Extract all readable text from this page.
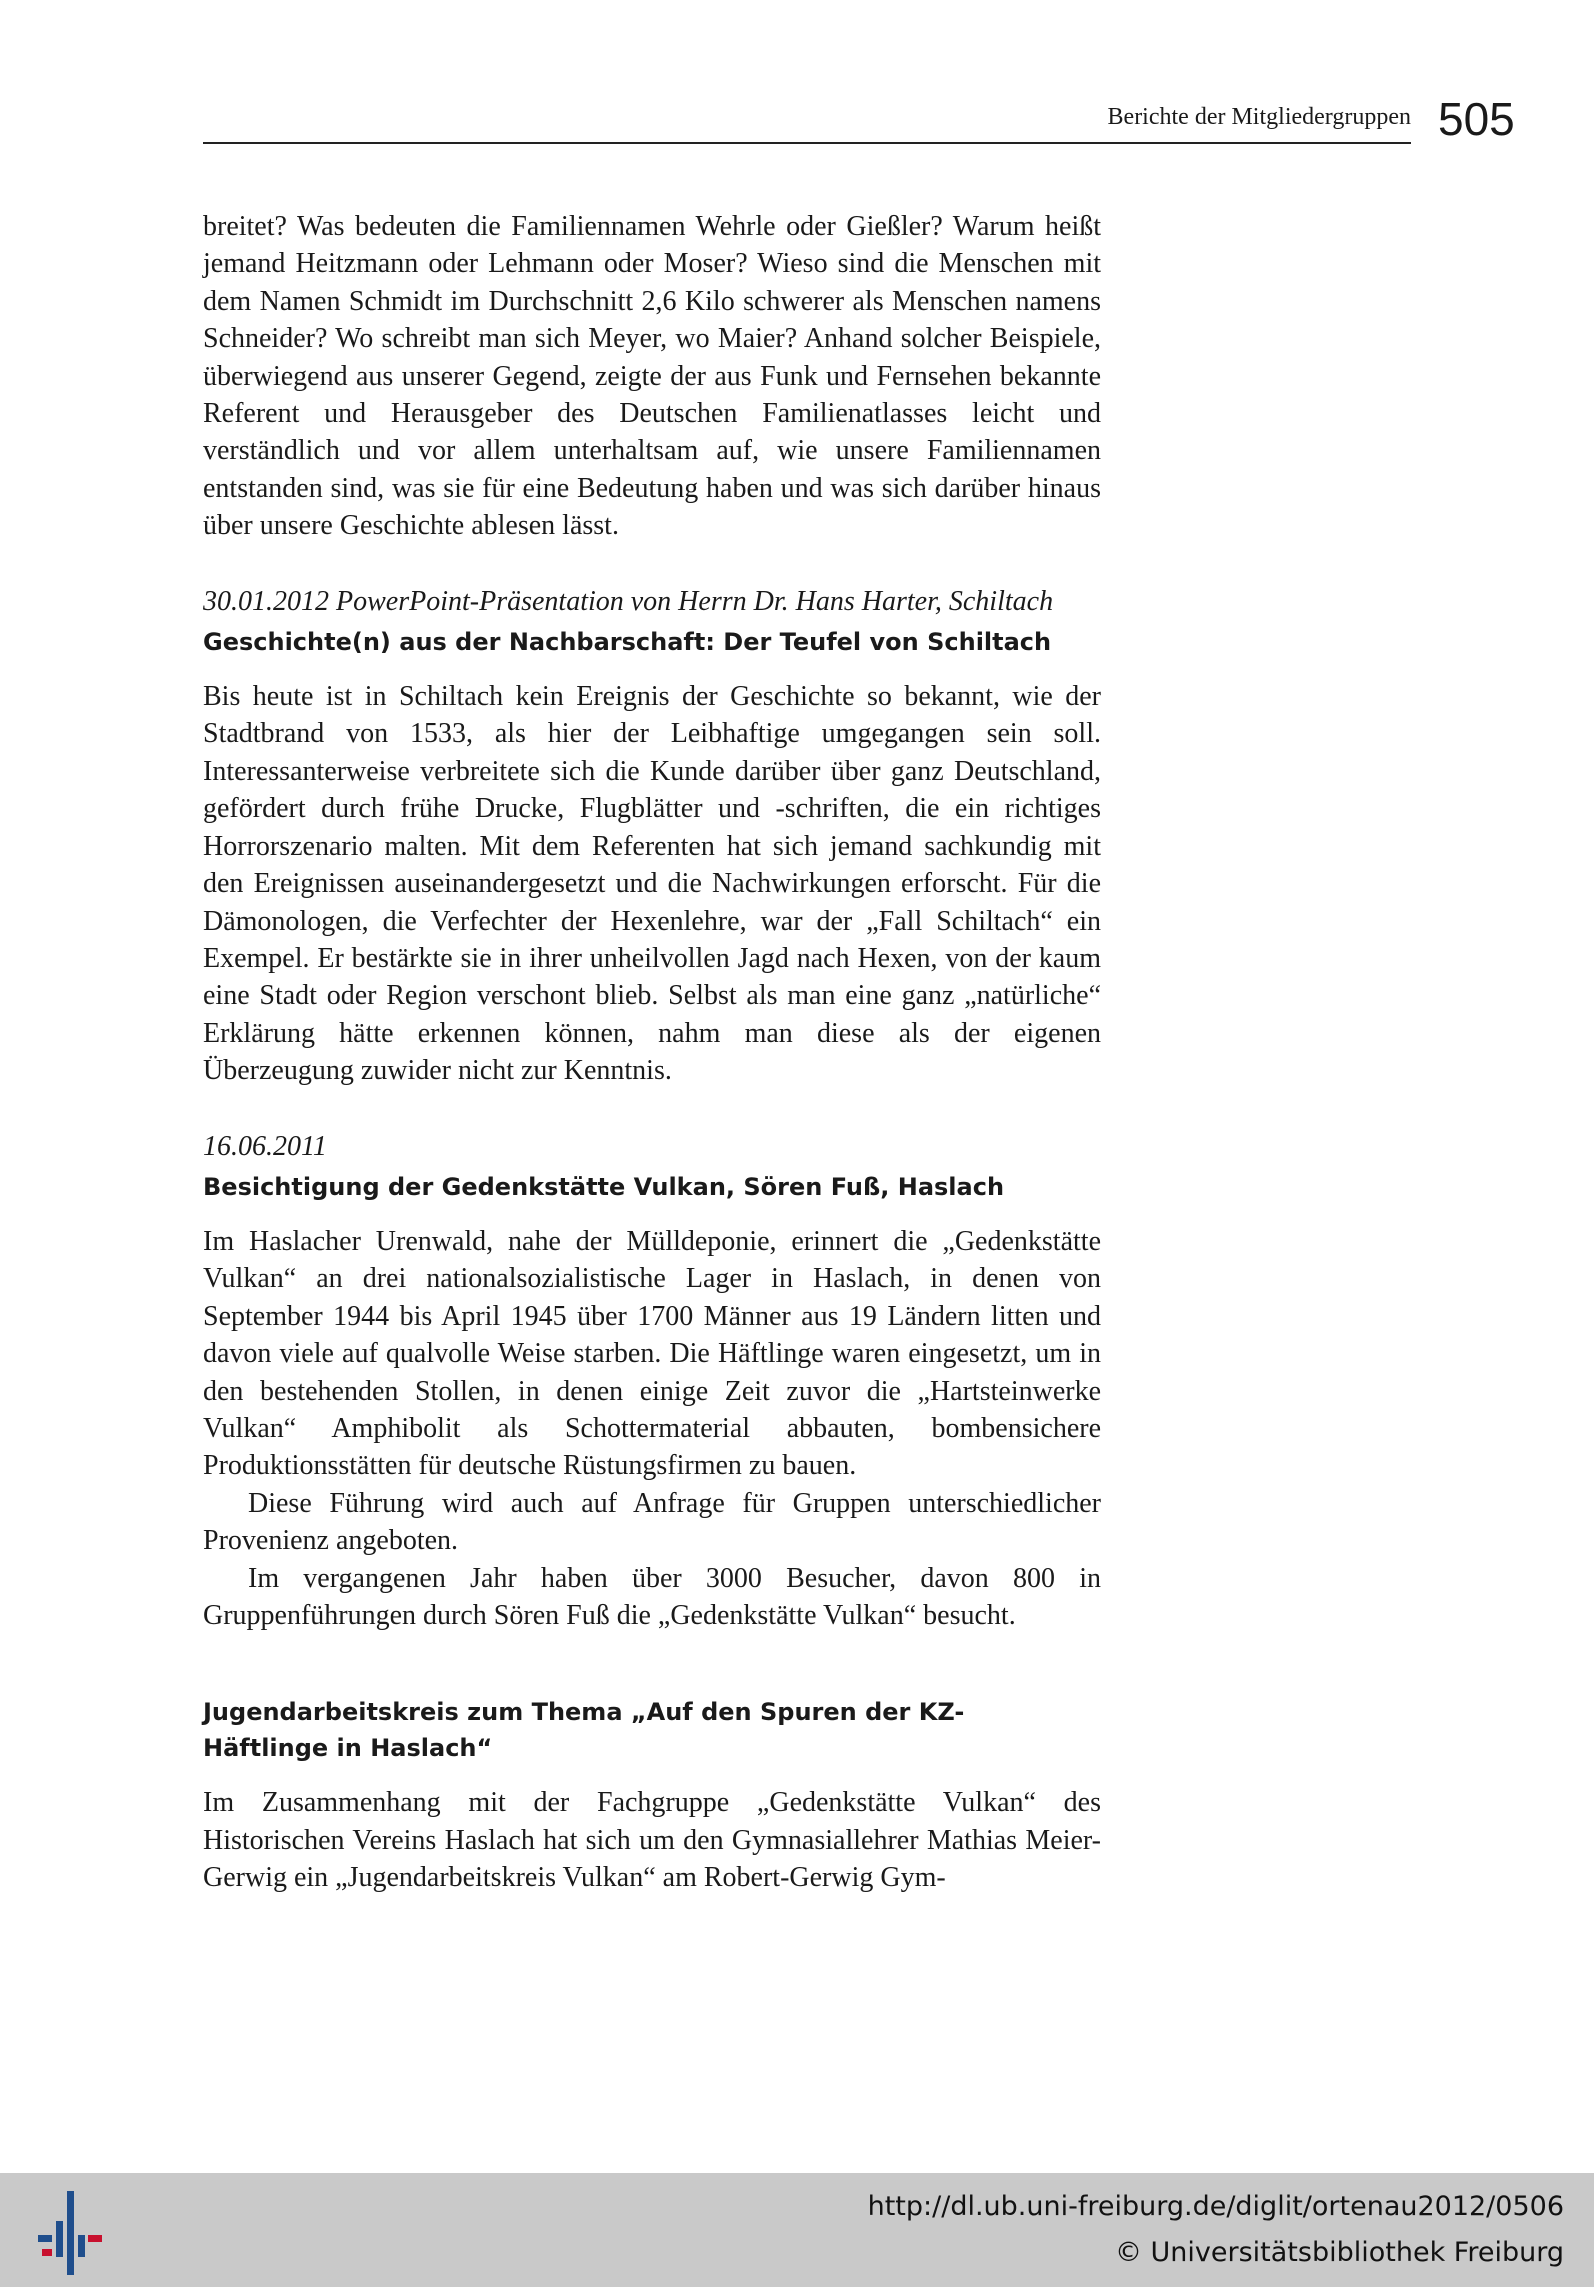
Berichte der Mitgliedergruppen 505

breitet? Was bedeuten die Familiennamen Wehrle oder Gießler? Warum heißt jemand Heitzmann oder Lehmann oder Moser? Wieso sind die Menschen mit dem Namen Schmidt im Durchschnitt 2,6 Kilo schwerer als Menschen namens Schneider? Wo schreibt man sich Meyer, wo Maier? Anhand solcher Beispiele, überwiegend aus unserer Gegend, zeigte der aus Funk und Fernsehen bekannte Referent und Herausgeber des Deutschen Familienatlasses leicht und verständlich und vor allem unterhaltsam auf, wie unsere Familiennamen entstanden sind, was sie für eine Bedeutung haben und was sich darüber hinaus über unsere Geschichte ablesen lässt.

30.01.2012 PowerPoint-Präsentation von Herrn Dr. Hans Harter, Schiltach

Geschichte(n) aus der Nachbarschaft: Der Teufel von Schiltach

Bis heute ist in Schiltach kein Ereignis der Geschichte so bekannt, wie der Stadtbrand von 1533, als hier der Leibhaftige umgegangen sein soll. Interessanterweise verbreitete sich die Kunde darüber über ganz Deutschland, gefördert durch frühe Drucke, Flugblätter und -schriften, die ein richtiges Horrorszenario malten. Mit dem Referenten hat sich jemand sachkundig mit den Ereignissen auseinandergesetzt und die Nachwirkungen erforscht. Für die Dämonologen, die Verfechter der Hexenlehre, war der „Fall Schiltach“ ein Exempel. Er bestärkte sie in ihrer unheilvollen Jagd nach Hexen, von der kaum eine Stadt oder Region verschont blieb. Selbst als man eine ganz „natürliche“ Erklärung hätte erkennen können, nahm man diese als der eigenen Überzeugung zuwider nicht zur Kenntnis.

16.06.2011

Besichtigung der Gedenkstätte Vulkan, Sören Fuß, Haslach

Im Haslacher Urenwald, nahe der Mülldeponie, erinnert die „Gedenkstätte Vulkan“ an drei nationalsozialistische Lager in Haslach, in denen von September 1944 bis April 1945 über 1700 Männer aus 19 Ländern litten und davon viele auf qualvolle Weise starben. Die Häftlinge waren eingesetzt, um in den bestehenden Stollen, in denen einige Zeit zuvor die „Hartsteinwerke Vulkan“ Amphibolit als Schottermaterial abbauten, bombensichere Produktionsstätten für deutsche Rüstungsfirmen zu bauen.

Diese Führung wird auch auf Anfrage für Gruppen unterschiedlicher Provenienz angeboten.

Im vergangenen Jahr haben über 3000 Besucher, davon 800 in Gruppenführungen durch Sören Fuß die „Gedenkstätte Vulkan“ besucht.

Jugendarbeitskreis zum Thema „Auf den Spuren der KZ-Häftlinge in Haslach“

Im Zusammenhang mit der Fachgruppe „Gedenkstätte Vulkan“ des Historischen Vereins Haslach hat sich um den Gymnasiallehrer Mathias Meier-Gerwig ein „Jugendarbeitskreis Vulkan“ am Robert-Gerwig Gym-

http://dl.ub.uni-freiburg.de/diglit/ortenau2012/0506
© Universitätsbibliothek Freiburg
